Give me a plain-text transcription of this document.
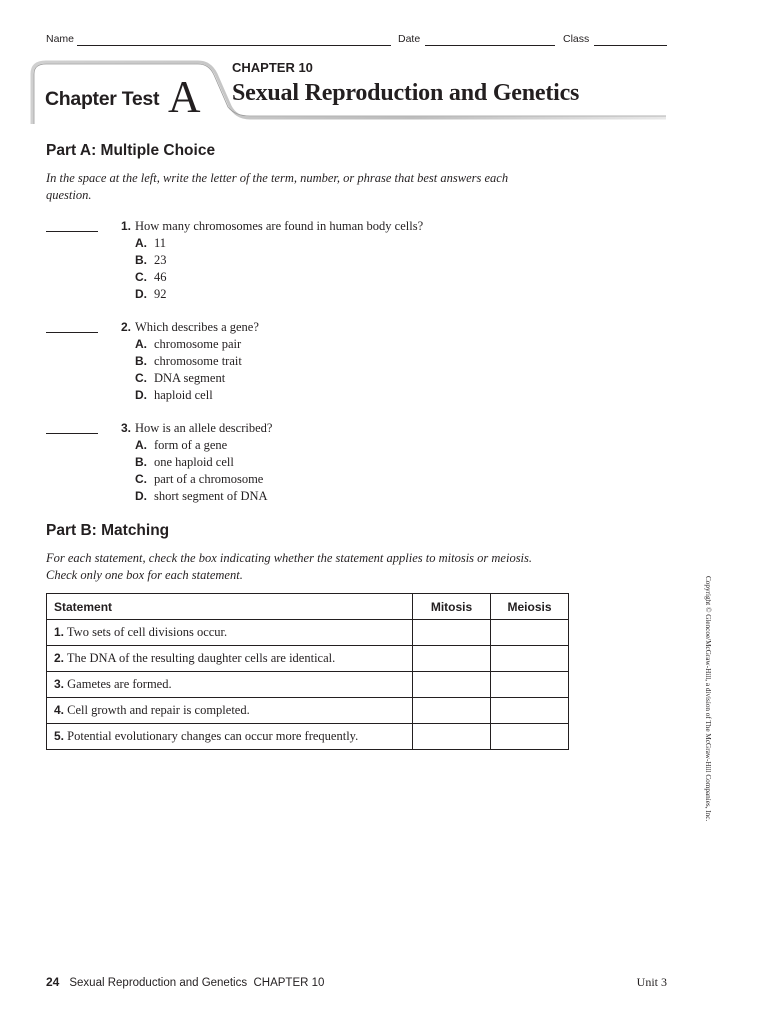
Name	Date	Class
Chapter Test A
CHAPTER 10
Sexual Reproduction and Genetics
Part A: Multiple Choice
In the space at the left, write the letter of the term, number, or phrase that best answers each question.
1. How many chromosomes are found in human body cells?
A. 11
B. 23
C. 46
D. 92
2. Which describes a gene?
A. chromosome pair
B. chromosome trait
C. DNA segment
D. haploid cell
3. How is an allele described?
A. form of a gene
B. one haploid cell
C. part of a chromosome
D. short segment of DNA
Part B: Matching
For each statement, check the box indicating whether the statement applies to mitosis or meiosis. Check only one box for each statement.
Statement	Mitosis	Meiosis
1. Two sets of cell divisions occur.		
2. The DNA of the resulting daughter cells are identical.		
3. Gametes are formed.		
4. Cell growth and repair is completed.		
5. Potential evolutionary changes can occur more frequently.			Copyright © Glencoe/McGraw-Hill, a division of The McGraw-Hill Companies, Inc.
24 Sexual Reproduction and Genetics  CHAPTER 10	Unit 3
